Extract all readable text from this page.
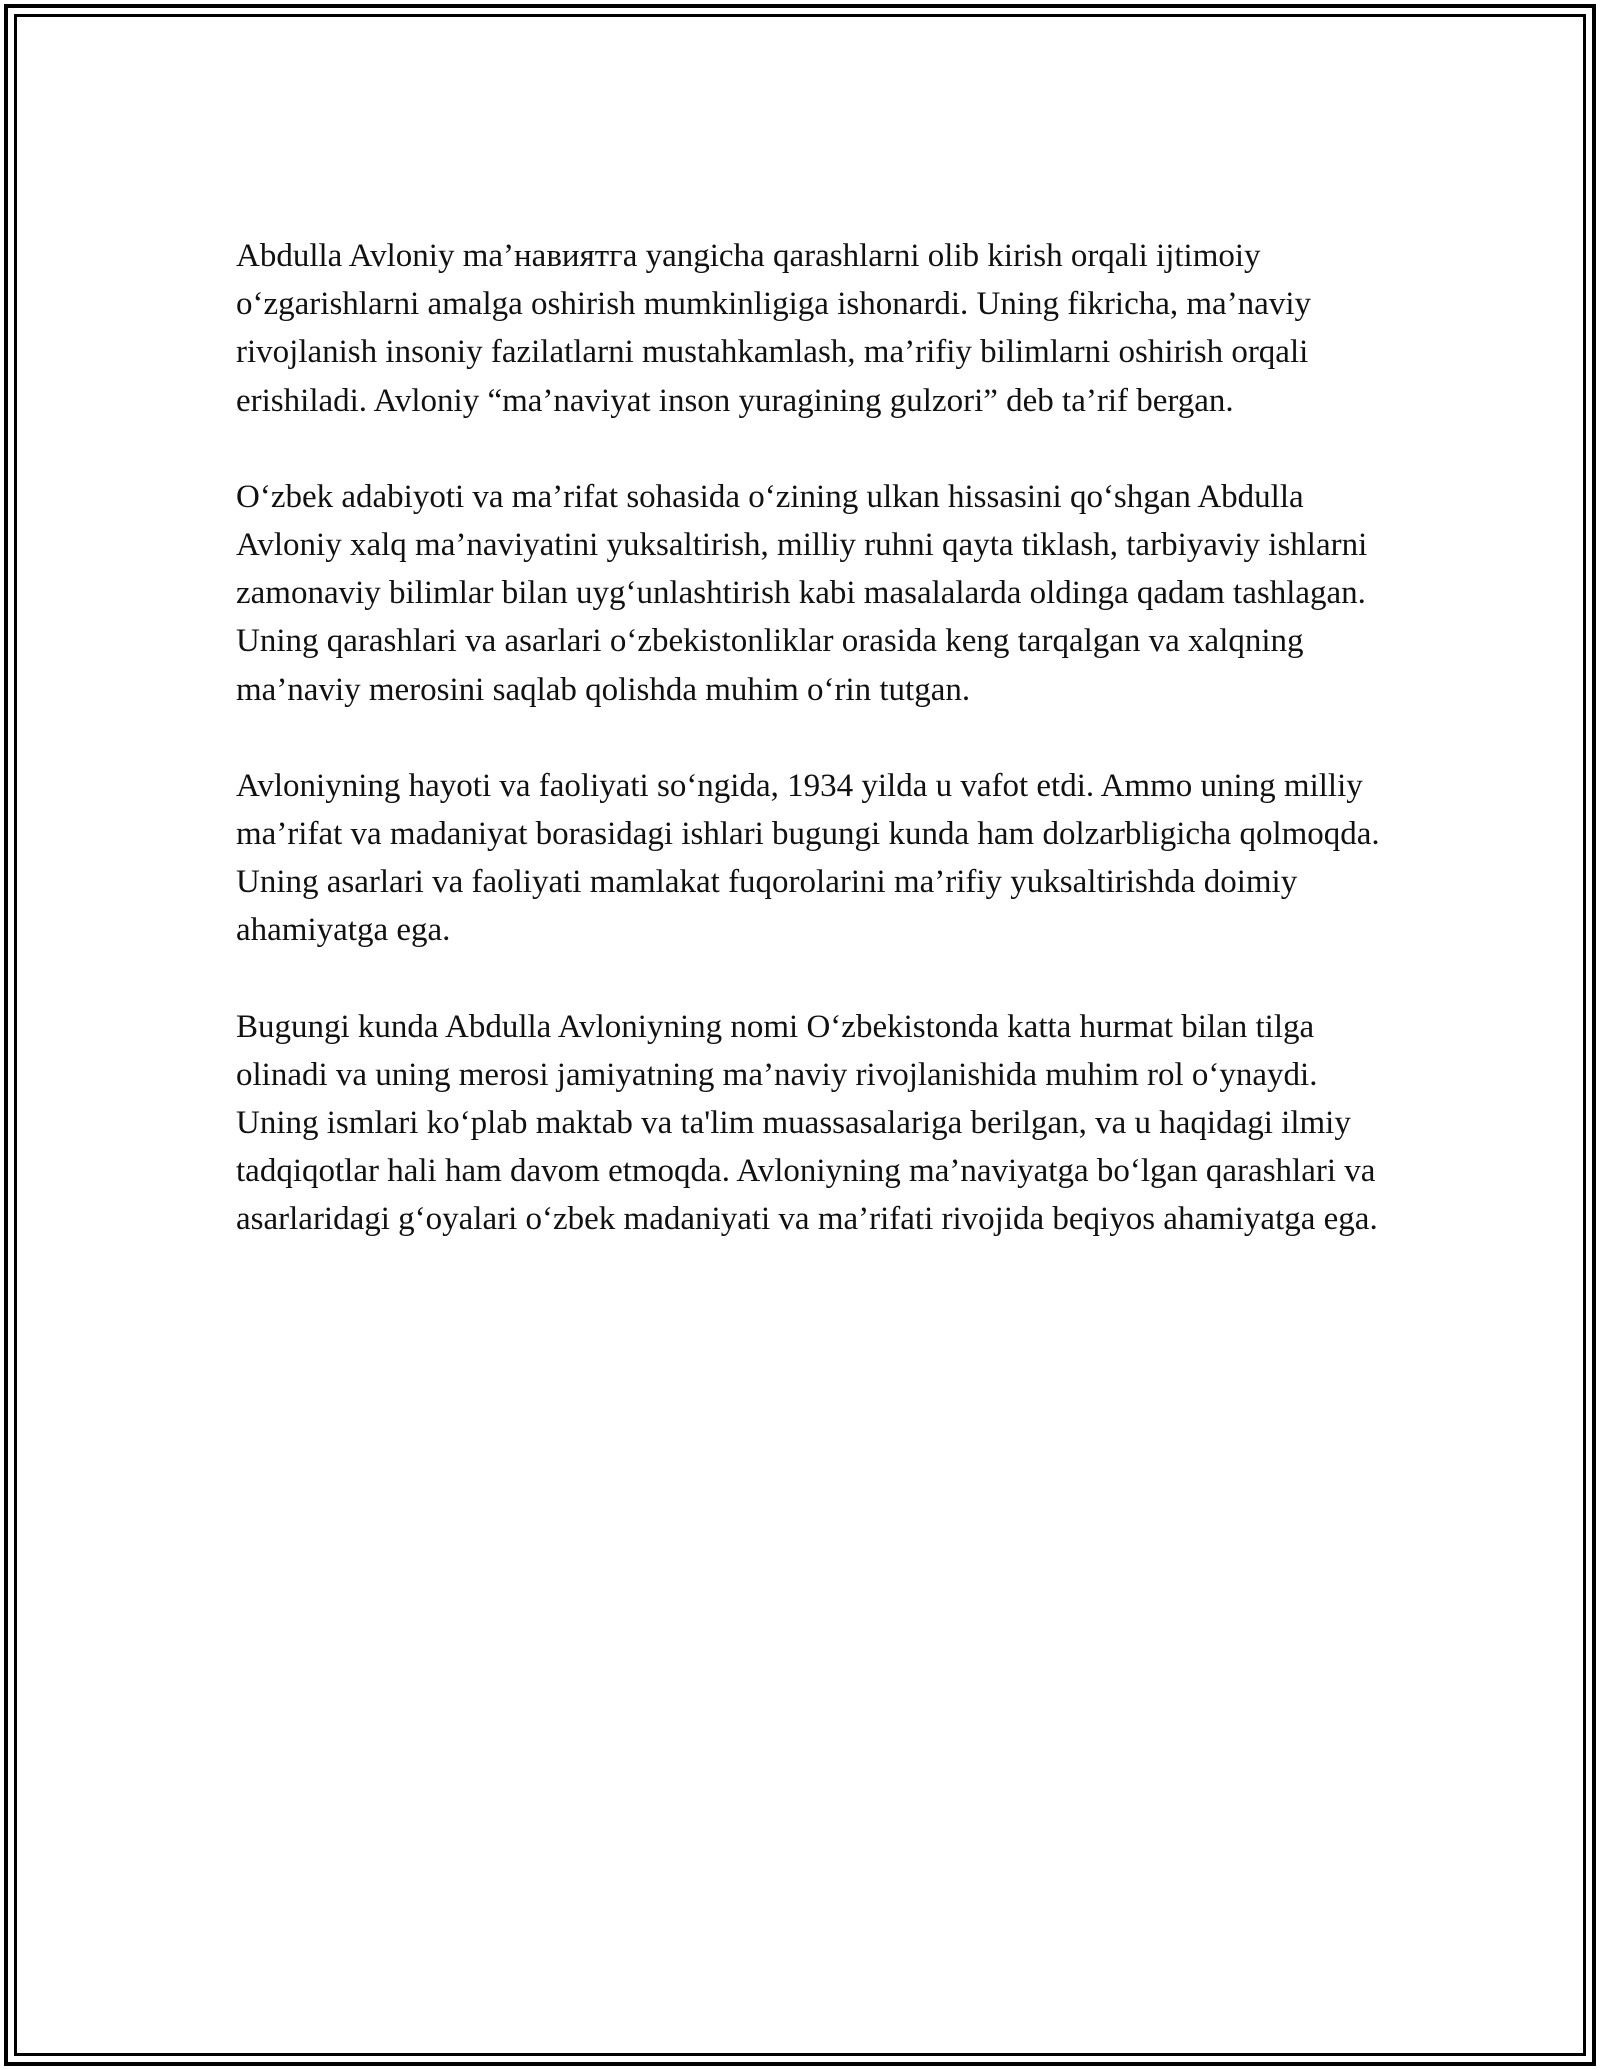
Abdulla Avloniy ma’навиятга yangicha qarashlarni olib kirish orqali ijtimoiy o‘zgarishlarni amalga oshirish mumkinligiga ishonardi. Uning fikricha, ma’naviy rivojlanish insoniy fazilatlarni mustahkamlash, ma’rifiy bilimlarni oshirish orqali erishiladi. Avloniy “ma’naviyat inson yuragining gulzori” deb ta’rif bergan.

O‘zbek adabiyoti va ma’rifat sohasida o‘zining ulkan hissasini qo‘shgan Abdulla Avloniy xalq ma’naviyatini yuksaltirish, milliy ruhni qayta tiklash, tarbiyaviy ishlarni zamonaviy bilimlar bilan uyg‘unlashtirish kabi masalalarda oldinga qadam tashlagan. Uning qarashlari va asarlari o‘zbekistonliklar orasida keng tarqalgan va xalqning ma’naviy merosini saqlab qolishda muhim o‘rin tutgan.

Avloniyning hayoti va faoliyati so‘ngida, 1934 yilda u vafot etdi. Ammo uning milliy ma’rifat va madaniyat borasidagi ishlari bugungi kunda ham dolzarbligicha qolmoqda. Uning asarlari va faoliyati mamlakat fuqorolarini ma’rifiy yuksaltirishda doimiy ahamiyatga ega.

Bugungi kunda Abdulla Avloniyning nomi O‘zbekistonda katta hurmat bilan tilga olinadi va uning merosi jamiyatning ma’naviy rivojlanishida muhim rol o‘ynaydi. Uning ismlari ko‘plab maktab va ta'lim muassasalariga berilgan, va u haqidagi ilmiy tadqiqotlar hali ham davom etmoqda. Avloniyning ma’naviyatga bo‘lgan qarashlari va asarlaridagi g‘oyalari o‘zbek madaniyati va ma’rifati rivojida beqiyos ahamiyatga ega.
